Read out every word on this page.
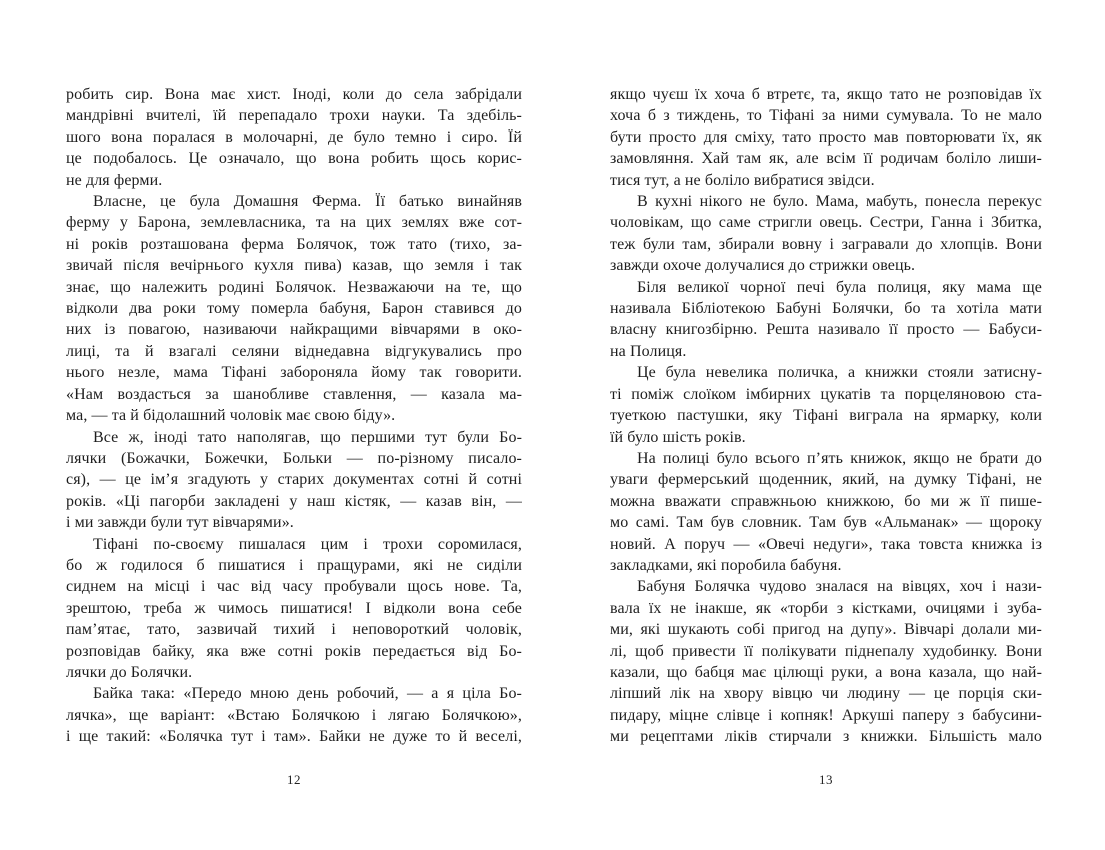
робить сир. Вона має хист. Іноді, коли до села забрідали
мандрівні вчителі, їй перепадало трохи науки. Та здебіль-
шого вона поралася в молочарні, де було темно і сиро. Їй
це подобалось. Це означало, що вона робить щось корис-
не для ферми.
Власне, це була Домашня Ферма. Її батько винайняв
ферму у Барона, землевласника, та на цих землях вже сот-
ні років розташована ферма Болячок, тож тато (тихо, за-
звичай після вечірнього кухля пива) казав, що земля і так
знає, що належить родині Болячок. Незважаючи на те, що
відколи два роки тому померла бабуня, Барон ставився до
них із повагою, називаючи найкращими вівчарями в око-
лиці, та й взагалі селяни віднедавна відгукувались про
нього незле, мама Тіфані забороняла йому так говорити.
«Нам воздасться за шанобливе ставлення, — казала ма-
ма, — та й бідолашний чоловік має свою біду».
Все ж, іноді тато наполягав, що першими тут були Бо-
лячки (Божачки, Божечки, Больки — по-різному писало-
ся), — це ім’я згадують у старих документах сотні й сотні
років. «Ці пагорби закладені у наш кістяк, — казав він, —
і ми завжди були тут вівчарями».
Тіфані по-своєму пишалася цим і трохи соромилася,
бо ж годилося б пишатися і пращурами, які не сиділи
сиднем на місці і час від часу пробували щось нове. Та,
зрештою, треба ж чимось пишатися! І відколи вона себе
пам’ятає, тато, зазвичай тихий і неповороткий чоловік,
розповідав байку, яка вже сотні років передається від Бо-
лячки до Болячки.
Байка така: «Передо мною день робочий, — а я ціла Бо-
лячка», ще варіант: «Встаю Болячкою і лягаю Болячкою»,
і ще такий: «Болячка тут і там». Байки не дуже то й веселі,
якщо чуєш їх хоча б втретє, та, якщо тато не розповідав їх
хоча б з тиждень, то Тіфані за ними сумувала. То не мало
бути просто для сміху, тато просто мав повторювати їх, як
замовляння. Хай там як, але всім її родичам боліло лиши-
тися тут, а не боліло вибратися звідси.
В кухні нікого не було. Мама, мабуть, понесла перекус
чоловікам, що саме стригли овець. Сестри, Ганна і Збитка,
теж були там, збирали вовну і загравали до хлопців. Вони
завжди охоче долучалися до стрижки овець.
Біля великої чорної печі була полиця, яку мама ще
називала Бібліотекою Бабуні Болячки, бо та хотіла мати
власну книгозбірню. Решта називало її просто — Бабуси-
на Полиця.
Це була невелика поличка, а книжки стояли затисну-
ті поміж слоїком імбирних цукатів та порцеляновою ста-
туеткою пастушки, яку Тіфані виграла на ярмарку, коли
їй було шість років.
На полиці було всього п’ять книжок, якщо не брати до
уваги фермерський щоденник, який, на думку Тіфані, не
можна вважати справжньою книжкою, бо ми ж її пише-
мо самі. Там був словник. Там був «Альманак» — щороку
новий. А поруч — «Овечі недуги», така товста книжка із
закладками, які поробила бабуня.
Бабуня Болячка чудово зналася на вівцях, хоч і нази-
вала їх не інакше, як «торби з кістками, очицями і зуба-
ми, які шукають собі пригод на дупу». Вівчарі долали ми-
лі, щоб привести її полікувати піднепалу худобинку. Вони
казали, що бабця має цілющі руки, а вона казала, що най-
ліпший лік на хвору вівцю чи людину — це порція ски-
пидару, міцне слівце і копняк! Аркуші паперу з бабусини-
ми рецептами ліків стирчали з книжки. Більшість мало
12	13
